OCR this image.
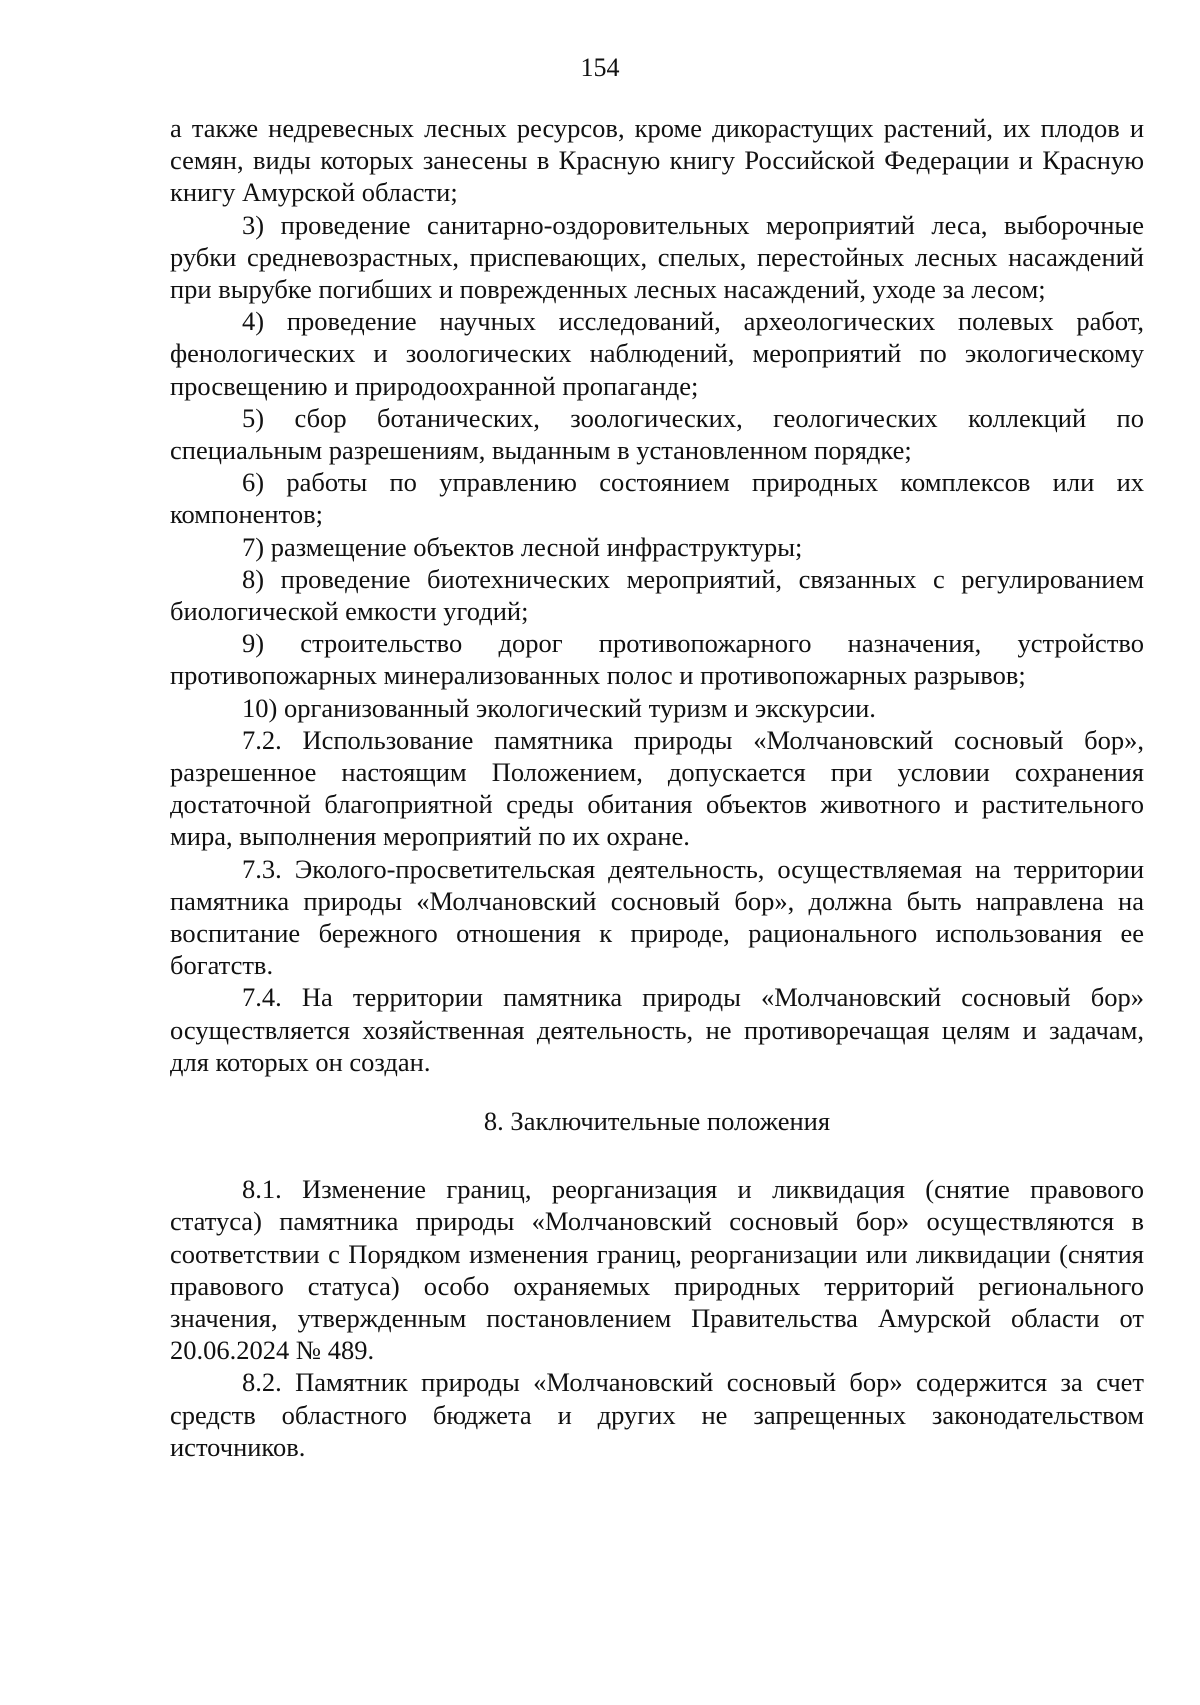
154

а также недревесных лесных ресурсов, кроме дикорастущих растений, их плодов и семян, виды которых занесены в Красную книгу Российской Федерации и Красную книгу Амурской области;

3) проведение санитарно-оздоровительных мероприятий леса, выборочные рубки средневозрастных, приспевающих, спелых, перестойных лесных насаждений при вырубке погибших и поврежденных лесных насаждений, уходе за лесом;

4) проведение научных исследований, археологических полевых работ, фенологических и зоологических наблюдений, мероприятий по экологическому просвещению и природоохранной пропаганде;

5) сбор ботанических, зоологических, геологических коллекций по специальным разрешениям, выданным в установленном порядке;

6) работы по управлению состоянием природных комплексов или их компонентов;

7) размещение объектов лесной инфраструктуры;

8) проведение биотехнических мероприятий, связанных с регулированием биологической емкости угодий;

9) строительство дорог противопожарного назначения, устройство противопожарных минерализованных полос и противопожарных разрывов;

10) организованный экологический туризм и экскурсии.

7.2. Использование памятника природы «Молчановский сосновый бор», разрешенное настоящим Положением, допускается при условии сохранения достаточной благоприятной среды обитания объектов животного и растительного мира, выполнения мероприятий по их охране.

7.3. Эколого-просветительская деятельность, осуществляемая на территории памятника природы «Молчановский сосновый бор», должна быть направлена на воспитание бережного отношения к природе, рационального использования ее богатств.

7.4. На территории памятника природы «Молчановский сосновый бор» осуществляется хозяйственная деятельность, не противоречащая целям и задачам, для которых он создан.

8. Заключительные положения

8.1. Изменение границ, реорганизация и ликвидация (снятие правового статуса) памятника природы «Молчановский сосновый бор» осуществляются в соответствии с Порядком изменения границ, реорганизации или ликвидации (снятия правового статуса) особо охраняемых природных территорий регионального значения, утвержденным постановлением Правительства Амурской области от 20.06.2024 № 489.

8.2. Памятник природы «Молчановский сосновый бор» содержится за счет средств областного бюджета и других не запрещенных законодательством источников.
